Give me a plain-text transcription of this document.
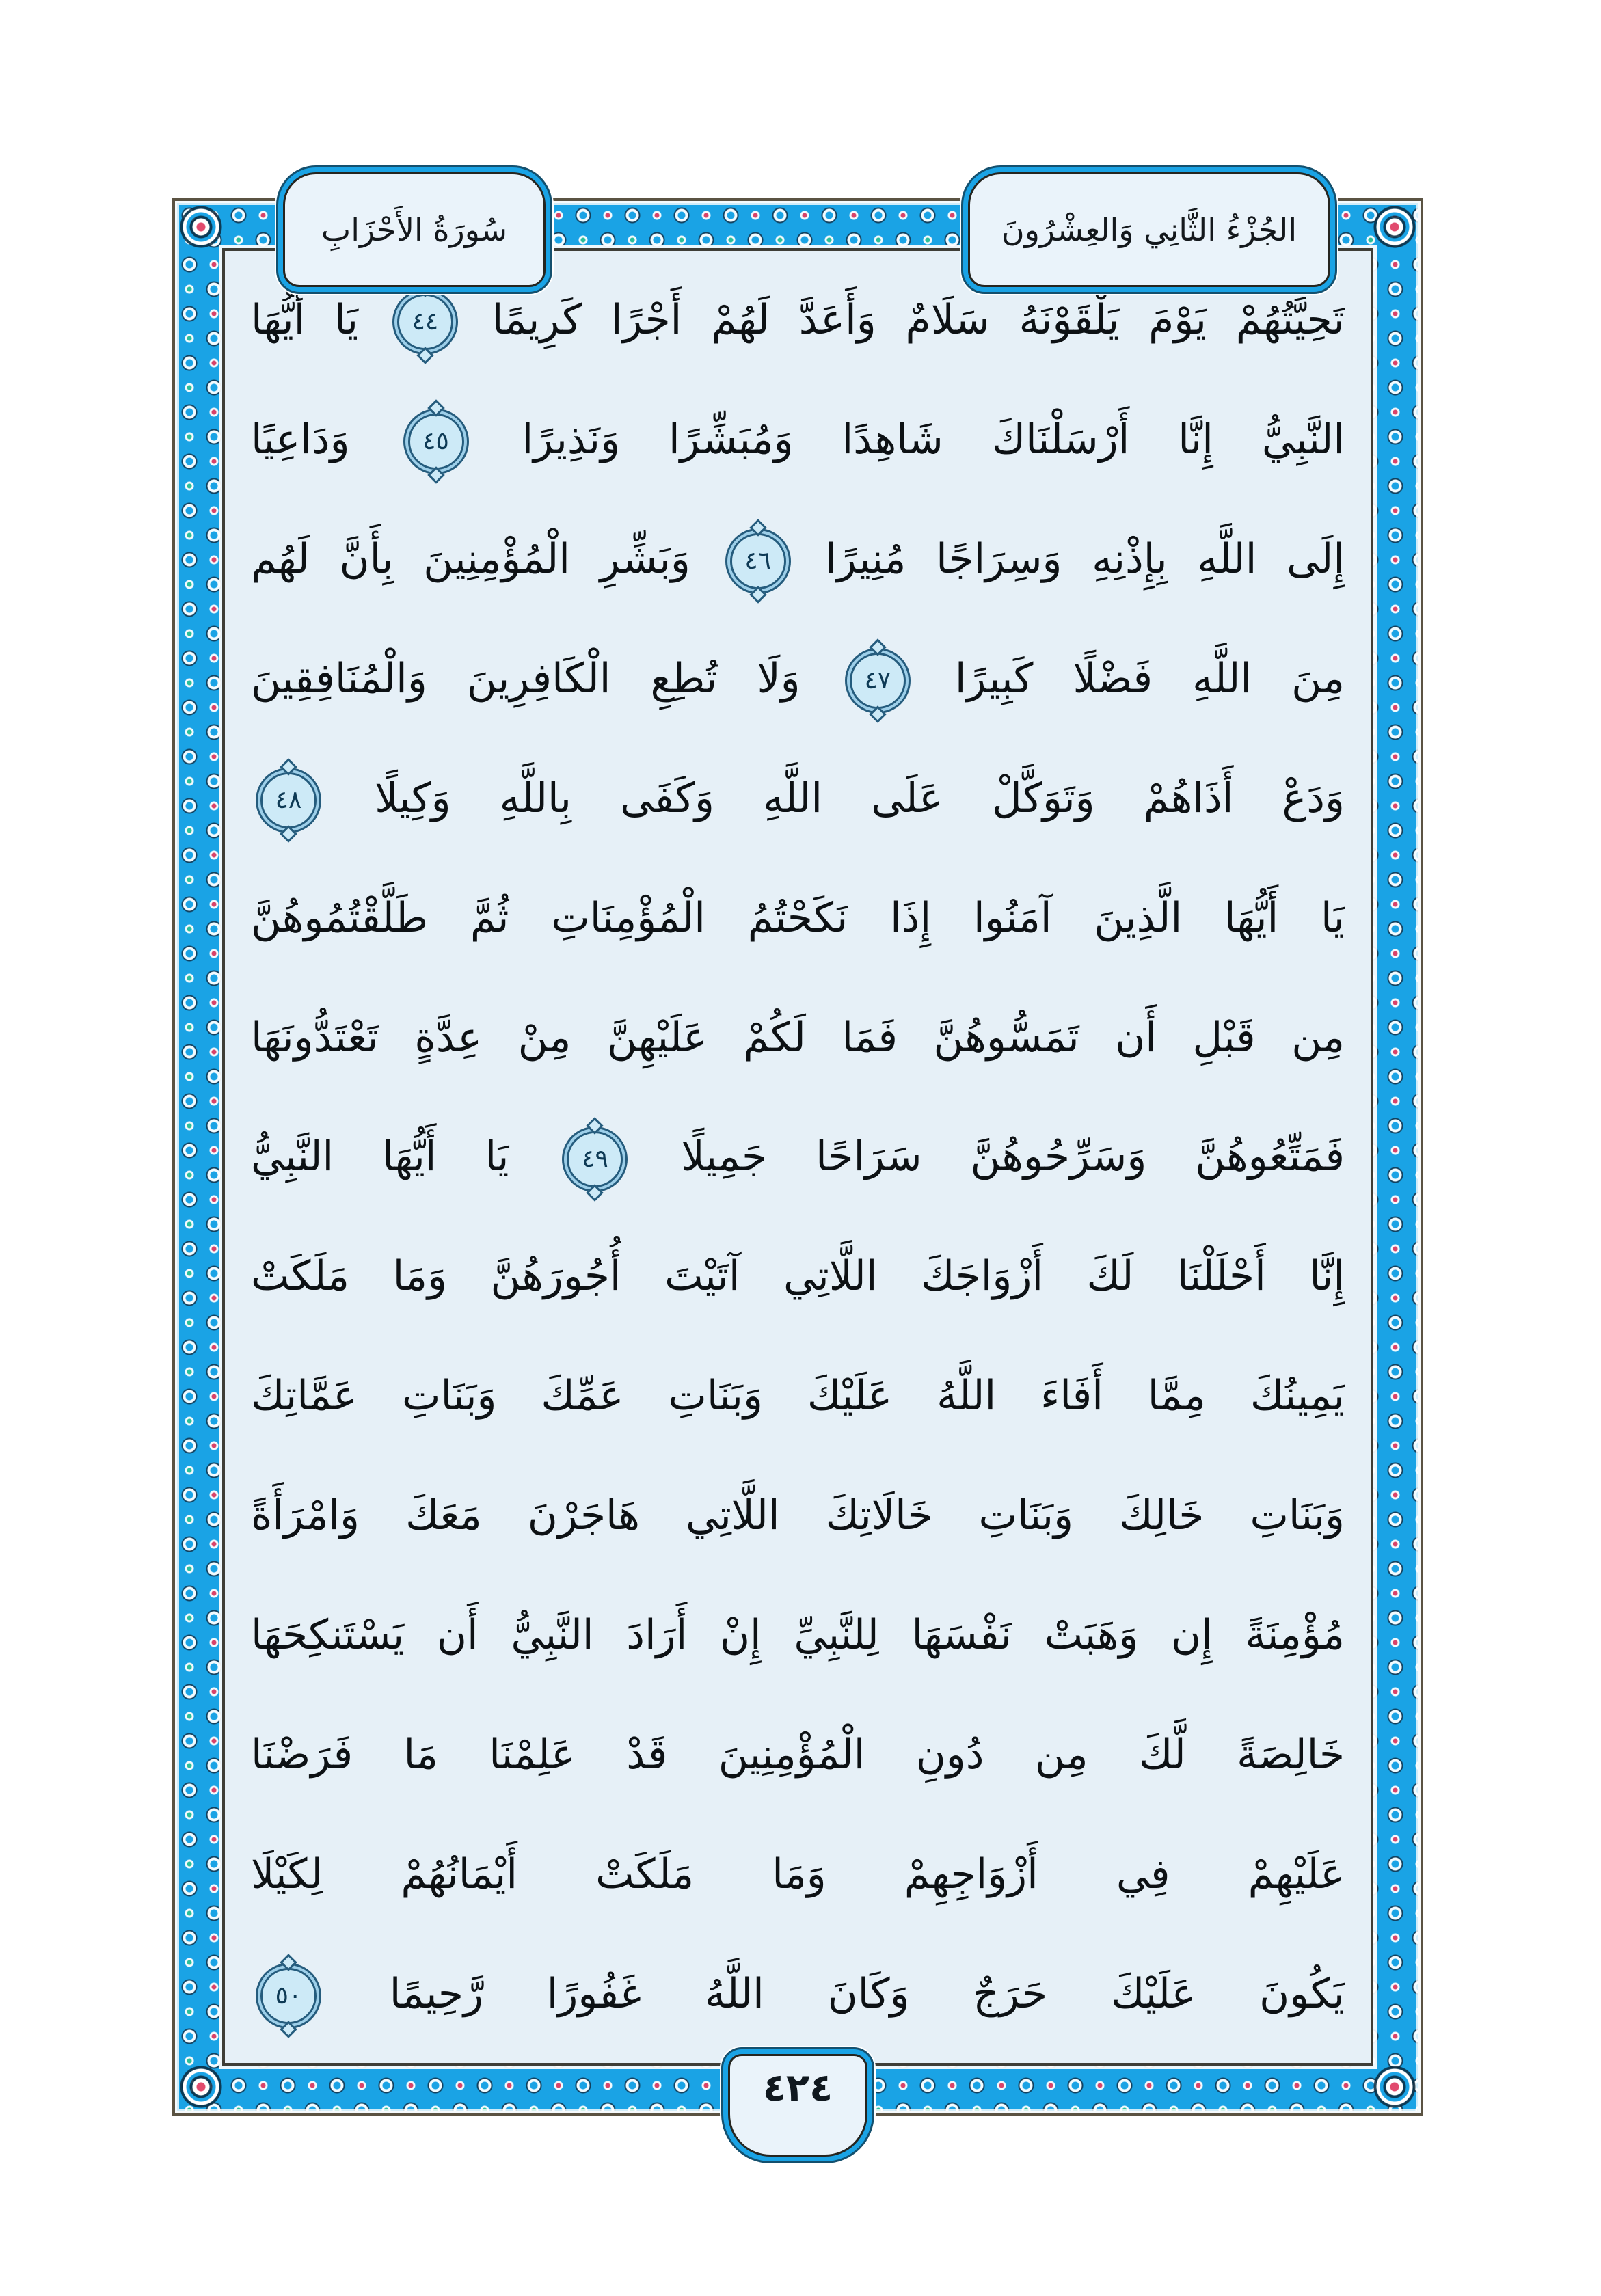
تَحِيَّتُهُمْ يَوْمَ يَلْقَوْنَهُ سَلَامٌ وَأَعَدَّ لَهُمْ أَجْرًا كَرِيمًا
٤٤
يَا أَيُّهَا
النَّبِيُّ إِنَّا أَرْسَلْنَاكَ شَاهِدًا وَمُبَشِّرًا وَنَذِيرًا
٤٥
وَدَاعِيًا
إِلَى اللَّهِ بِإِذْنِهِ وَسِرَاجًا مُنِيرًا
٤٦
وَبَشِّرِ الْمُؤْمِنِينَ بِأَنَّ لَهُم
مِنَ اللَّهِ فَضْلًا كَبِيرًا
٤٧
وَلَا تُطِعِ الْكَافِرِينَ وَالْمُنَافِقِينَ
وَدَعْ أَذَاهُمْ وَتَوَكَّلْ عَلَى اللَّهِ وَكَفَى بِاللَّهِ وَكِيلًا
٤٨
يَا أَيُّهَا الَّذِينَ آمَنُوا إِذَا نَكَحْتُمُ الْمُؤْمِنَاتِ ثُمَّ طَلَّقْتُمُوهُنَّ
مِن قَبْلِ أَن تَمَسُّوهُنَّ فَمَا لَكُمْ عَلَيْهِنَّ مِنْ عِدَّةٍ تَعْتَدُّونَهَا
فَمَتِّعُوهُنَّ وَسَرِّحُوهُنَّ سَرَاحًا جَمِيلًا
٤٩
يَا أَيُّهَا النَّبِيُّ
إِنَّا أَحْلَلْنَا لَكَ أَزْوَاجَكَ اللَّاتِي آتَيْتَ أُجُورَهُنَّ وَمَا مَلَكَتْ
يَمِينُكَ مِمَّا أَفَاءَ اللَّهُ عَلَيْكَ وَبَنَاتِ عَمِّكَ وَبَنَاتِ عَمَّاتِكَ
وَبَنَاتِ خَالِكَ وَبَنَاتِ خَالَاتِكَ اللَّاتِي هَاجَرْنَ مَعَكَ وَامْرَأَةً
مُؤْمِنَةً إِن وَهَبَتْ نَفْسَهَا لِلنَّبِيِّ إِنْ أَرَادَ النَّبِيُّ أَن يَسْتَنكِحَهَا
خَالِصَةً لَّكَ مِن دُونِ الْمُؤْمِنِينَ قَدْ عَلِمْنَا مَا فَرَضْنَا
عَلَيْهِمْ فِي أَزْوَاجِهِمْ وَمَا مَلَكَتْ أَيْمَانُهُمْ لِكَيْلَا
يَكُونَ عَلَيْكَ حَرَجٌ وَكَانَ اللَّهُ غَفُورًا رَّحِيمًا
٥٠
سُورَةُ الأَحْزَابِ	الجُزْءُ الثَّانِي وَالعِشْرُونَ
٤٢٤
